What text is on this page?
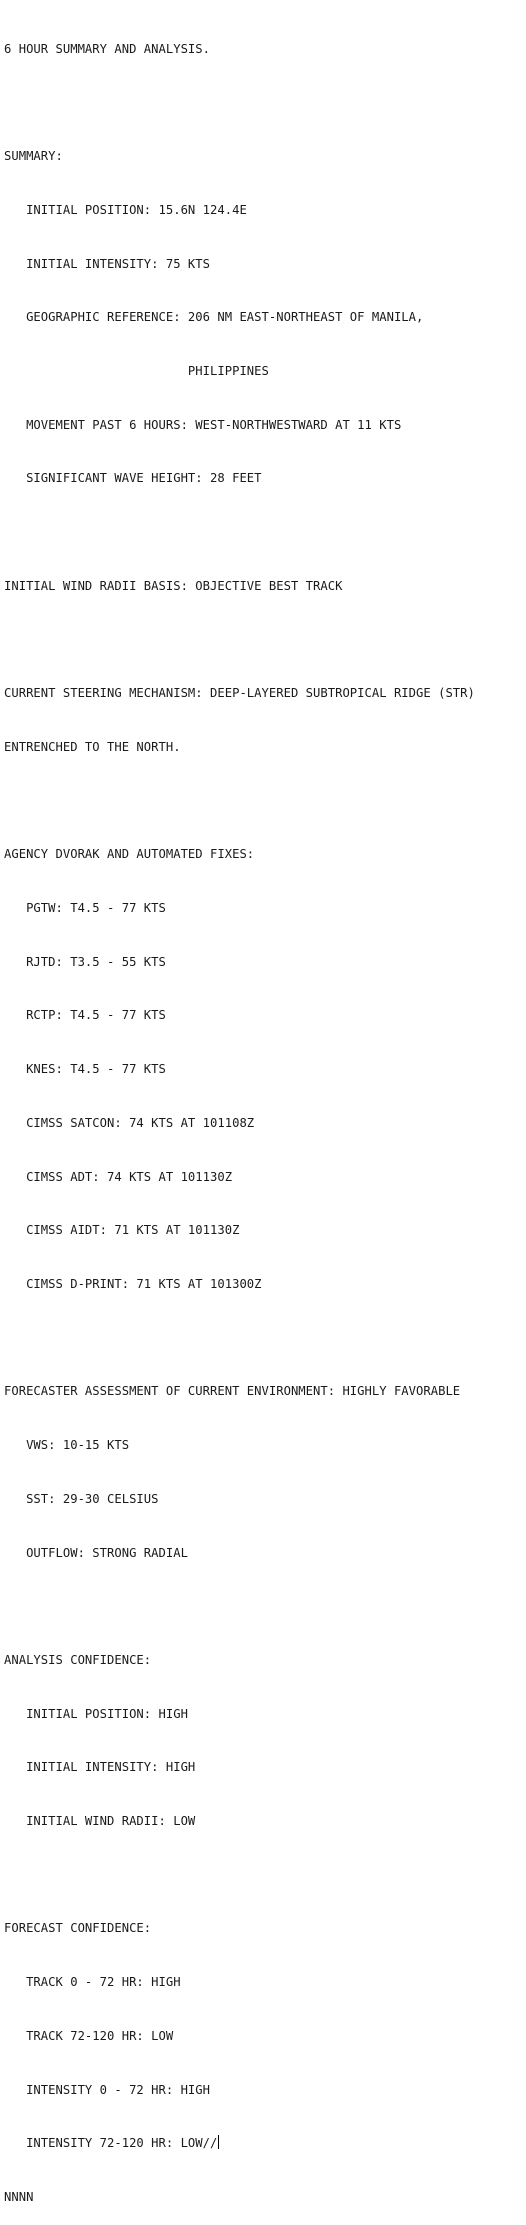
6 HOUR SUMMARY AND ANALYSIS.

SUMMARY:

INITIAL POSITION: 15.6N 124.4E

INITIAL INTENSITY: 75 KTS

GEOGRAPHIC REFERENCE: 206 NM EAST-NORTHEAST OF MANILA,

PHILIPPINES

MOVEMENT PAST 6 HOURS: WEST-NORTHWESTWARD AT 11 KTS

SIGNIFICANT WAVE HEIGHT: 28 FEET

INITIAL WIND RADII BASIS: OBJECTIVE BEST TRACK

CURRENT STEERING MECHANISM: DEEP-LAYERED SUBTROPICAL RIDGE (STR)

ENTRENCHED TO THE NORTH.

AGENCY DVORAK AND AUTOMATED FIXES:

PGTW: T4.5 - 77 KTS

RJTD: T3.5 - 55 KTS

RCTP: T4.5 - 77 KTS

KNES: T4.5 - 77 KTS

CIMSS SATCON: 74 KTS AT 101108Z

CIMSS ADT: 74 KTS AT 101130Z

CIMSS AIDT: 71 KTS AT 101130Z

CIMSS D-PRINT: 71 KTS AT 101300Z

FORECASTER ASSESSMENT OF CURRENT ENVIRONMENT: HIGHLY FAVORABLE

VWS: 10-15 KTS

SST: 29-30 CELSIUS

OUTFLOW: STRONG RADIAL

ANALYSIS CONFIDENCE:

INITIAL POSITION: HIGH

INITIAL INTENSITY: HIGH

INITIAL WIND RADII: LOW

FORECAST CONFIDENCE:

TRACK 0 - 72 HR: HIGH

TRACK 72-120 HR: LOW

INTENSITY 0 - 72 HR: HIGH

INTENSITY 72-120 HR: LOW//

NNNN
